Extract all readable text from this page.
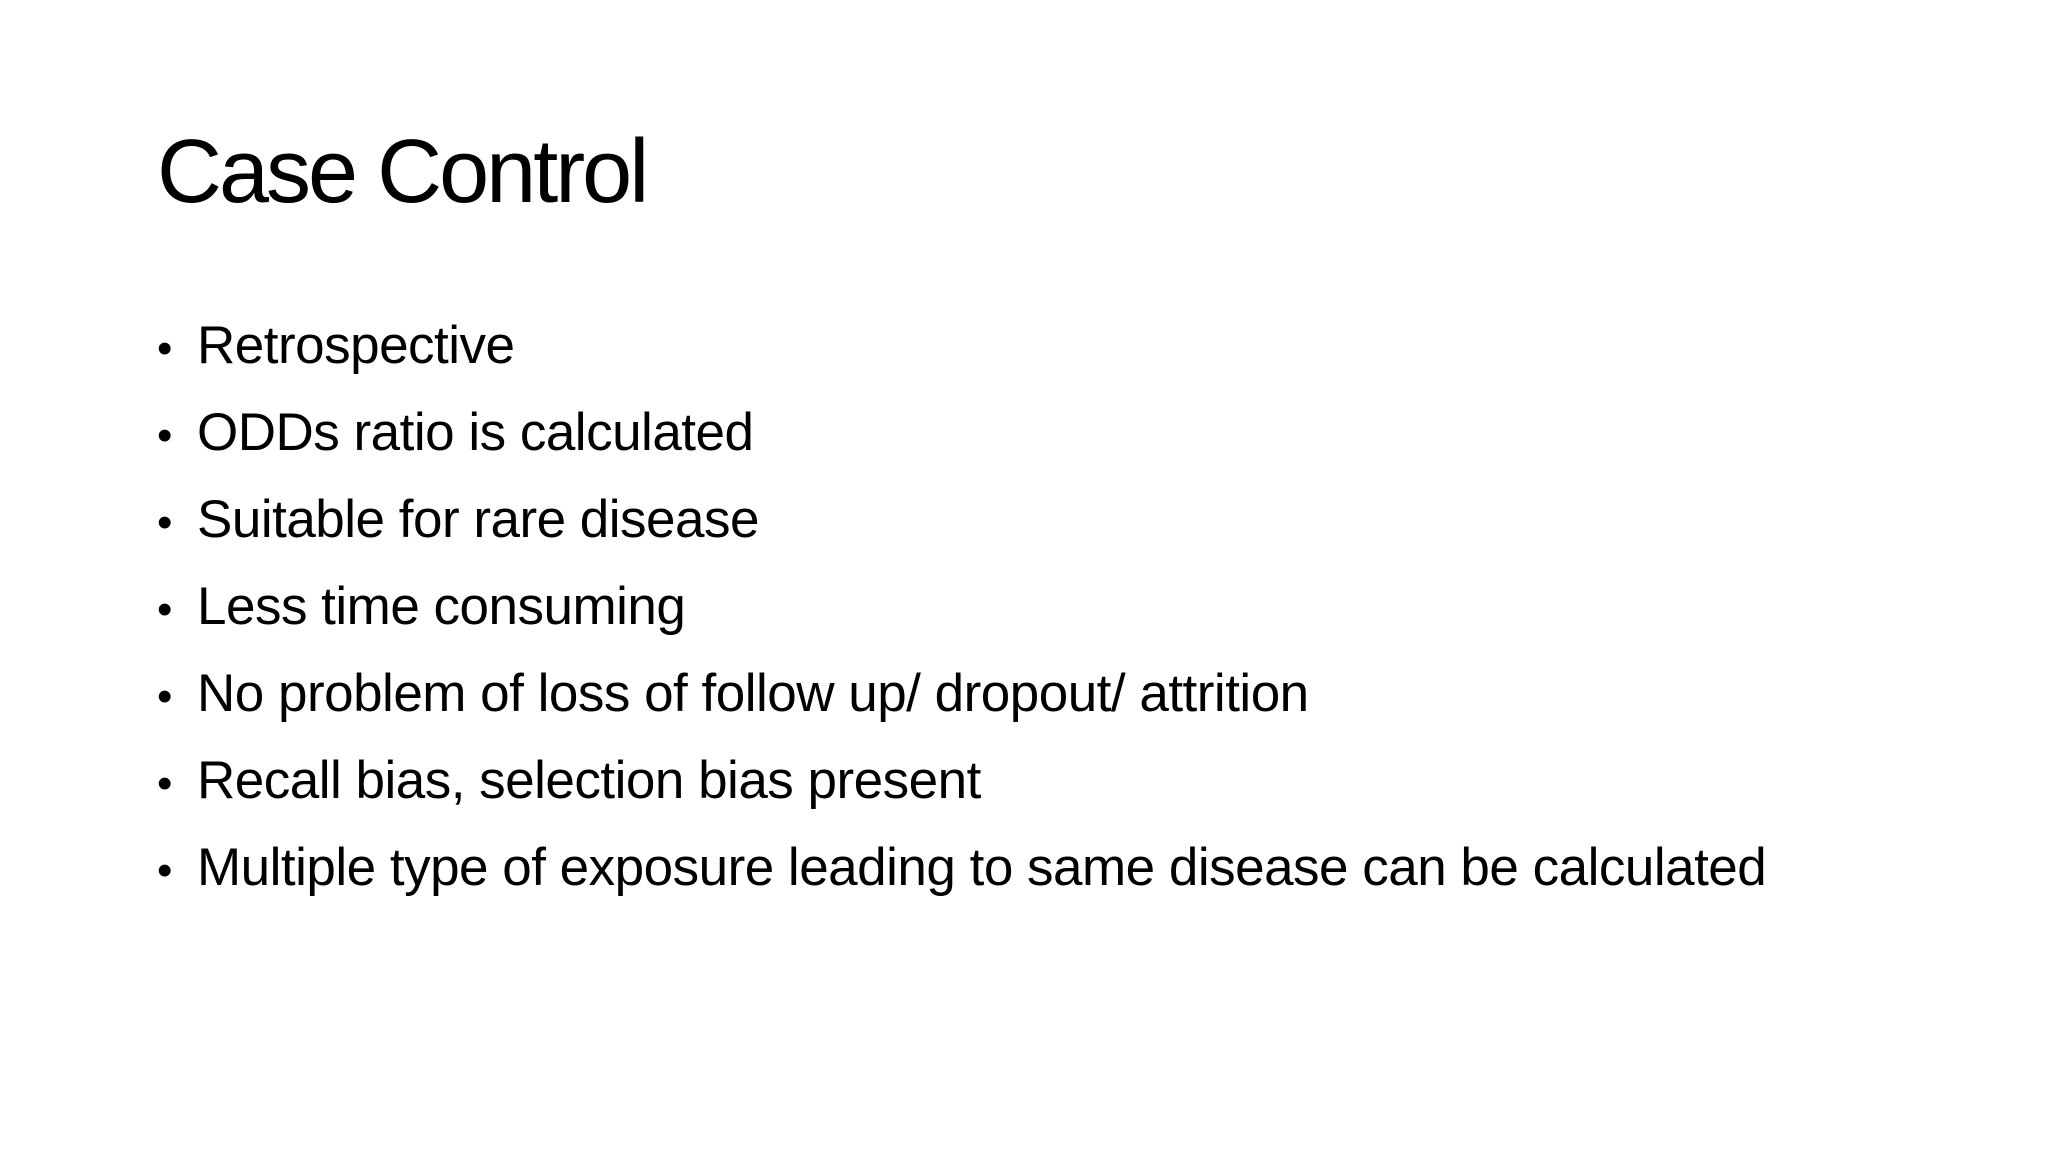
Case Control
• Retrospective
• ODDs ratio is calculated
• Suitable for rare disease
• Less time consuming
• No problem of loss of follow up/ dropout/ attrition
• Recall bias, selection bias present
• Multiple type of exposure leading to same disease can be calculated
